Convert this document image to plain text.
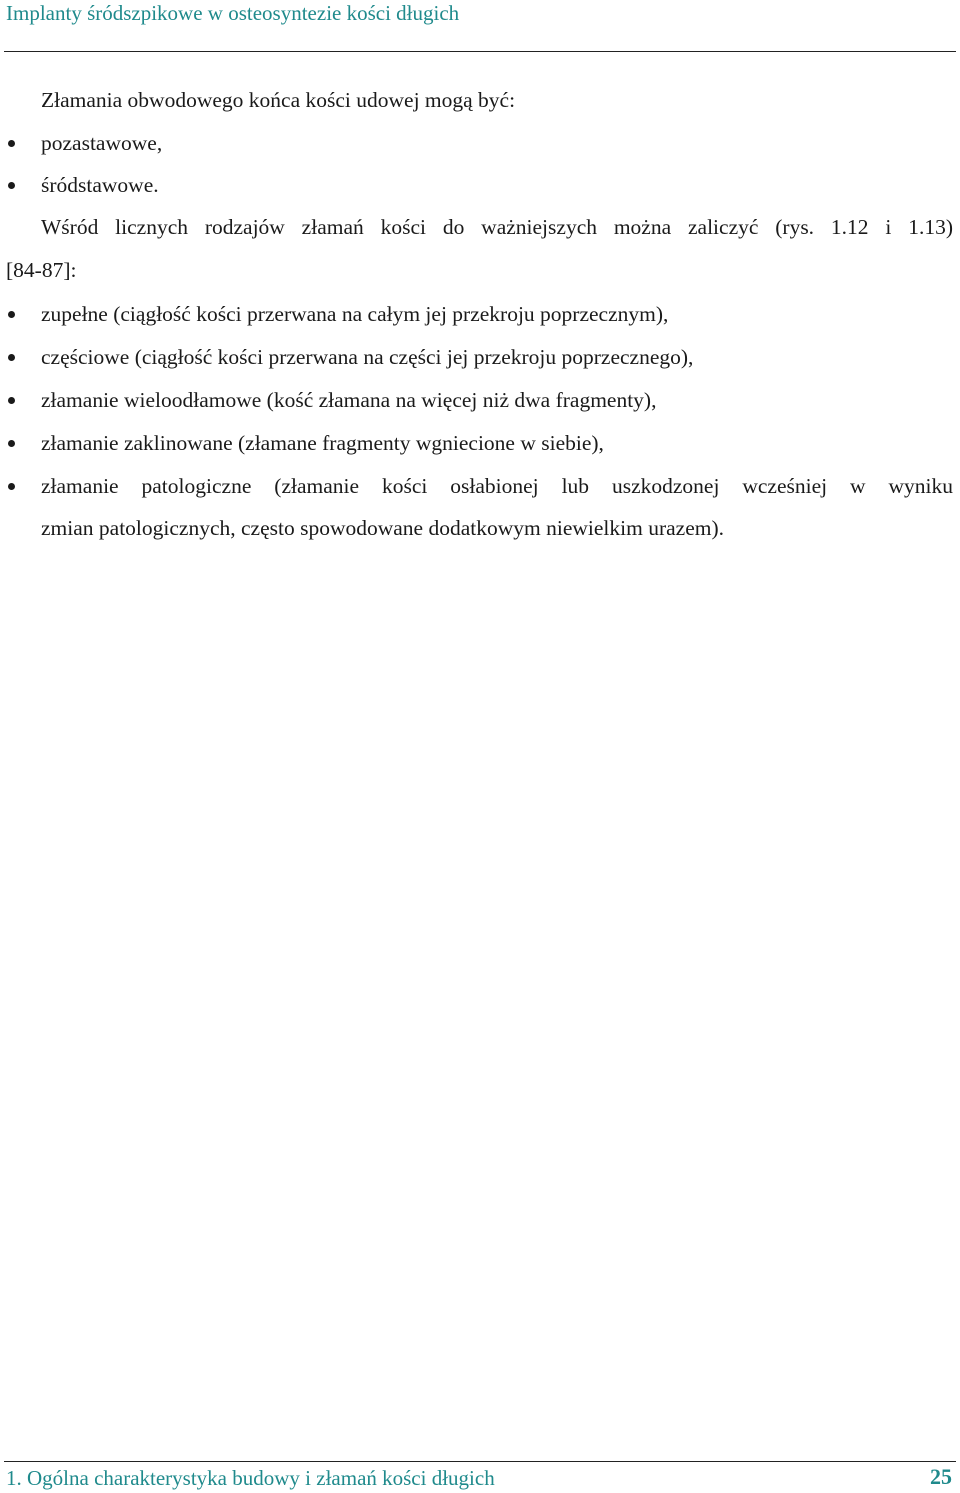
Implanty śródszpikowe w osteosyntezie kości długich
Złamania obwodowego końca kości udowej mogą być:
pozastawowe,
śródstawowe.
Wśród licznych rodzajów złamań kości do ważniejszych można zaliczyć (rys. 1.12 i 1.13)
[84-87]:
zupełne (ciągłość kości przerwana na całym jej przekroju poprzecznym),
częściowe (ciągłość kości przerwana na części jej przekroju poprzecznego),
złamanie wieloodłamowe (kość złamana na więcej niż dwa fragmenty),
złamanie zaklinowane (złamane fragmenty wgniecione w siebie),
złamanie patologiczne (złamanie kości osłabionej lub uszkodzonej wcześniej w wyniku
zmian patologicznych, często spowodowane dodatkowym niewielkim urazem).
1. Ogólna charakterystyka budowy i złamań kości długich	25
